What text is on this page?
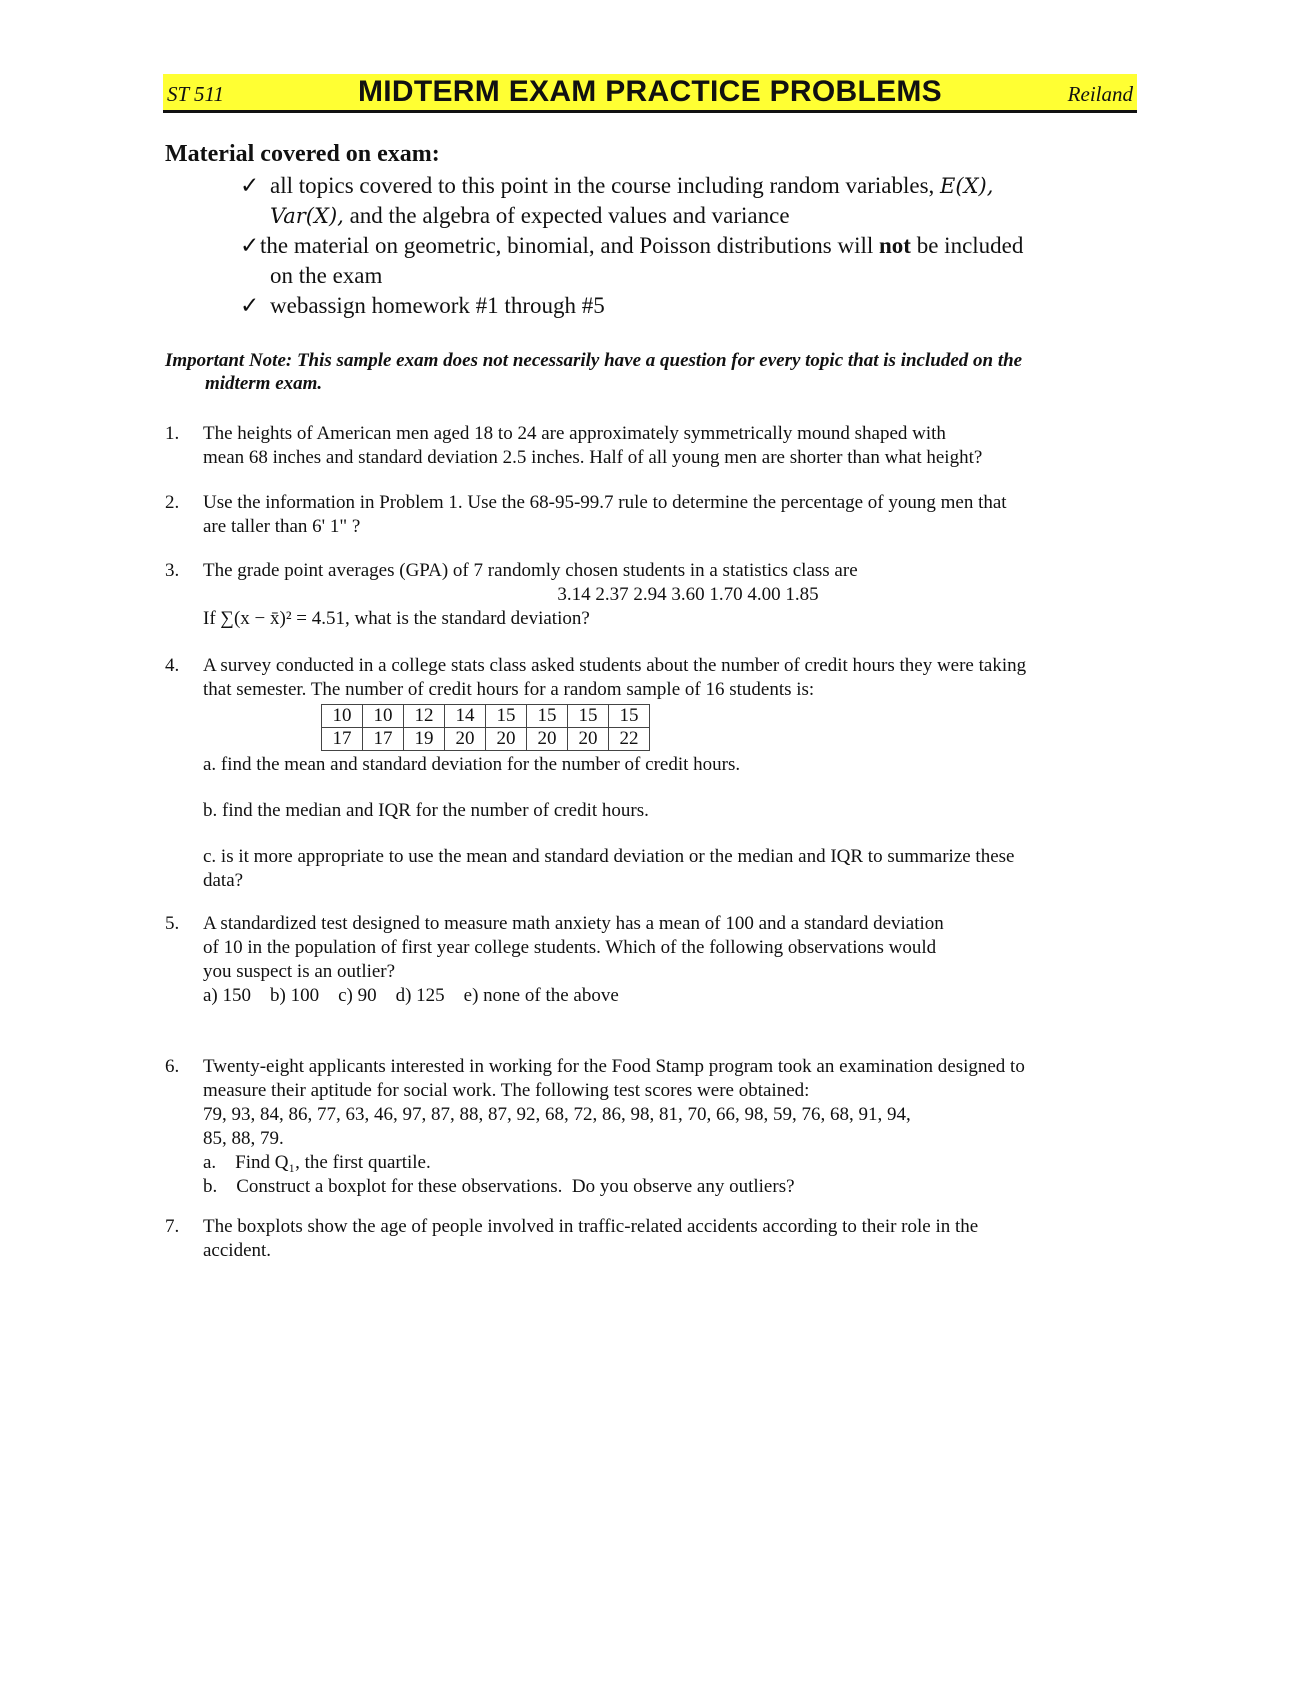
ST 511	MIDTERM EXAM PRACTICE PROBLEMS	Reiland
Material covered on exam:
✓ all topics covered to this point in the course including random variables, E(X),
Var(X), and the algebra of expected values and variance
✓ the material on geometric, binomial, and Poisson distributions will not be included
on the exam
✓ webassign homework #1 through #5
Important Note: This sample exam does not necessarily have a question for every topic that is included on the
midterm exam.
1. The heights of American men aged 18 to 24 are approximately symmetrically mound shaped with

mean 68 inches and standard deviation 2.5 inches. Half of all young men are shorter than what height?

2. Use the information in Problem 1. Use the 68-95-99.7 rule to determine the percentage of young men that

are taller than 6' 1" ?

3. The grade point averages (GPA) of 7 randomly chosen students in a statistics class are

3.14 2.37 2.94 3.60 1.70 4.00 1.85

If ∑(x − x̄)² = 4.51, what is the standard deviation?

4. A survey conducted in a college stats class asked students about the number of credit hours they were taking

that semester. The number of credit hours for a random sample of 16 students is:

10	10	12	14	15	15	15	15
17	17	19	20	20	20	20	22

a. find the mean and standard deviation for the number of credit hours.

b. find the median and IQR for the number of credit hours.

c. is it more appropriate to use the mean and standard deviation or the median and IQR to summarize these

data?

5. A standardized test designed to measure math anxiety has a mean of 100 and a standard deviation

of 10 in the population of first year college students. Which of the following observations would

you suspect is an outlier?

a) 150    b) 100    c) 90    d) 125    e) none of the above

6. Twenty-eight applicants interested in working for the Food Stamp program took an examination designed to

measure their aptitude for social work. The following test scores were obtained:

79, 93, 84, 86, 77, 63, 46, 97, 87, 88, 87, 92, 68, 72, 86, 98, 81, 70, 66, 98, 59, 76, 68, 91, 94,

85, 88, 79.

a.    Find Q₁, the first quartile.

b.    Construct a boxplot for these observations.  Do you observe any outliers?

7. The boxplots show the age of people involved in traffic-related accidents according to their role in the

accident.
